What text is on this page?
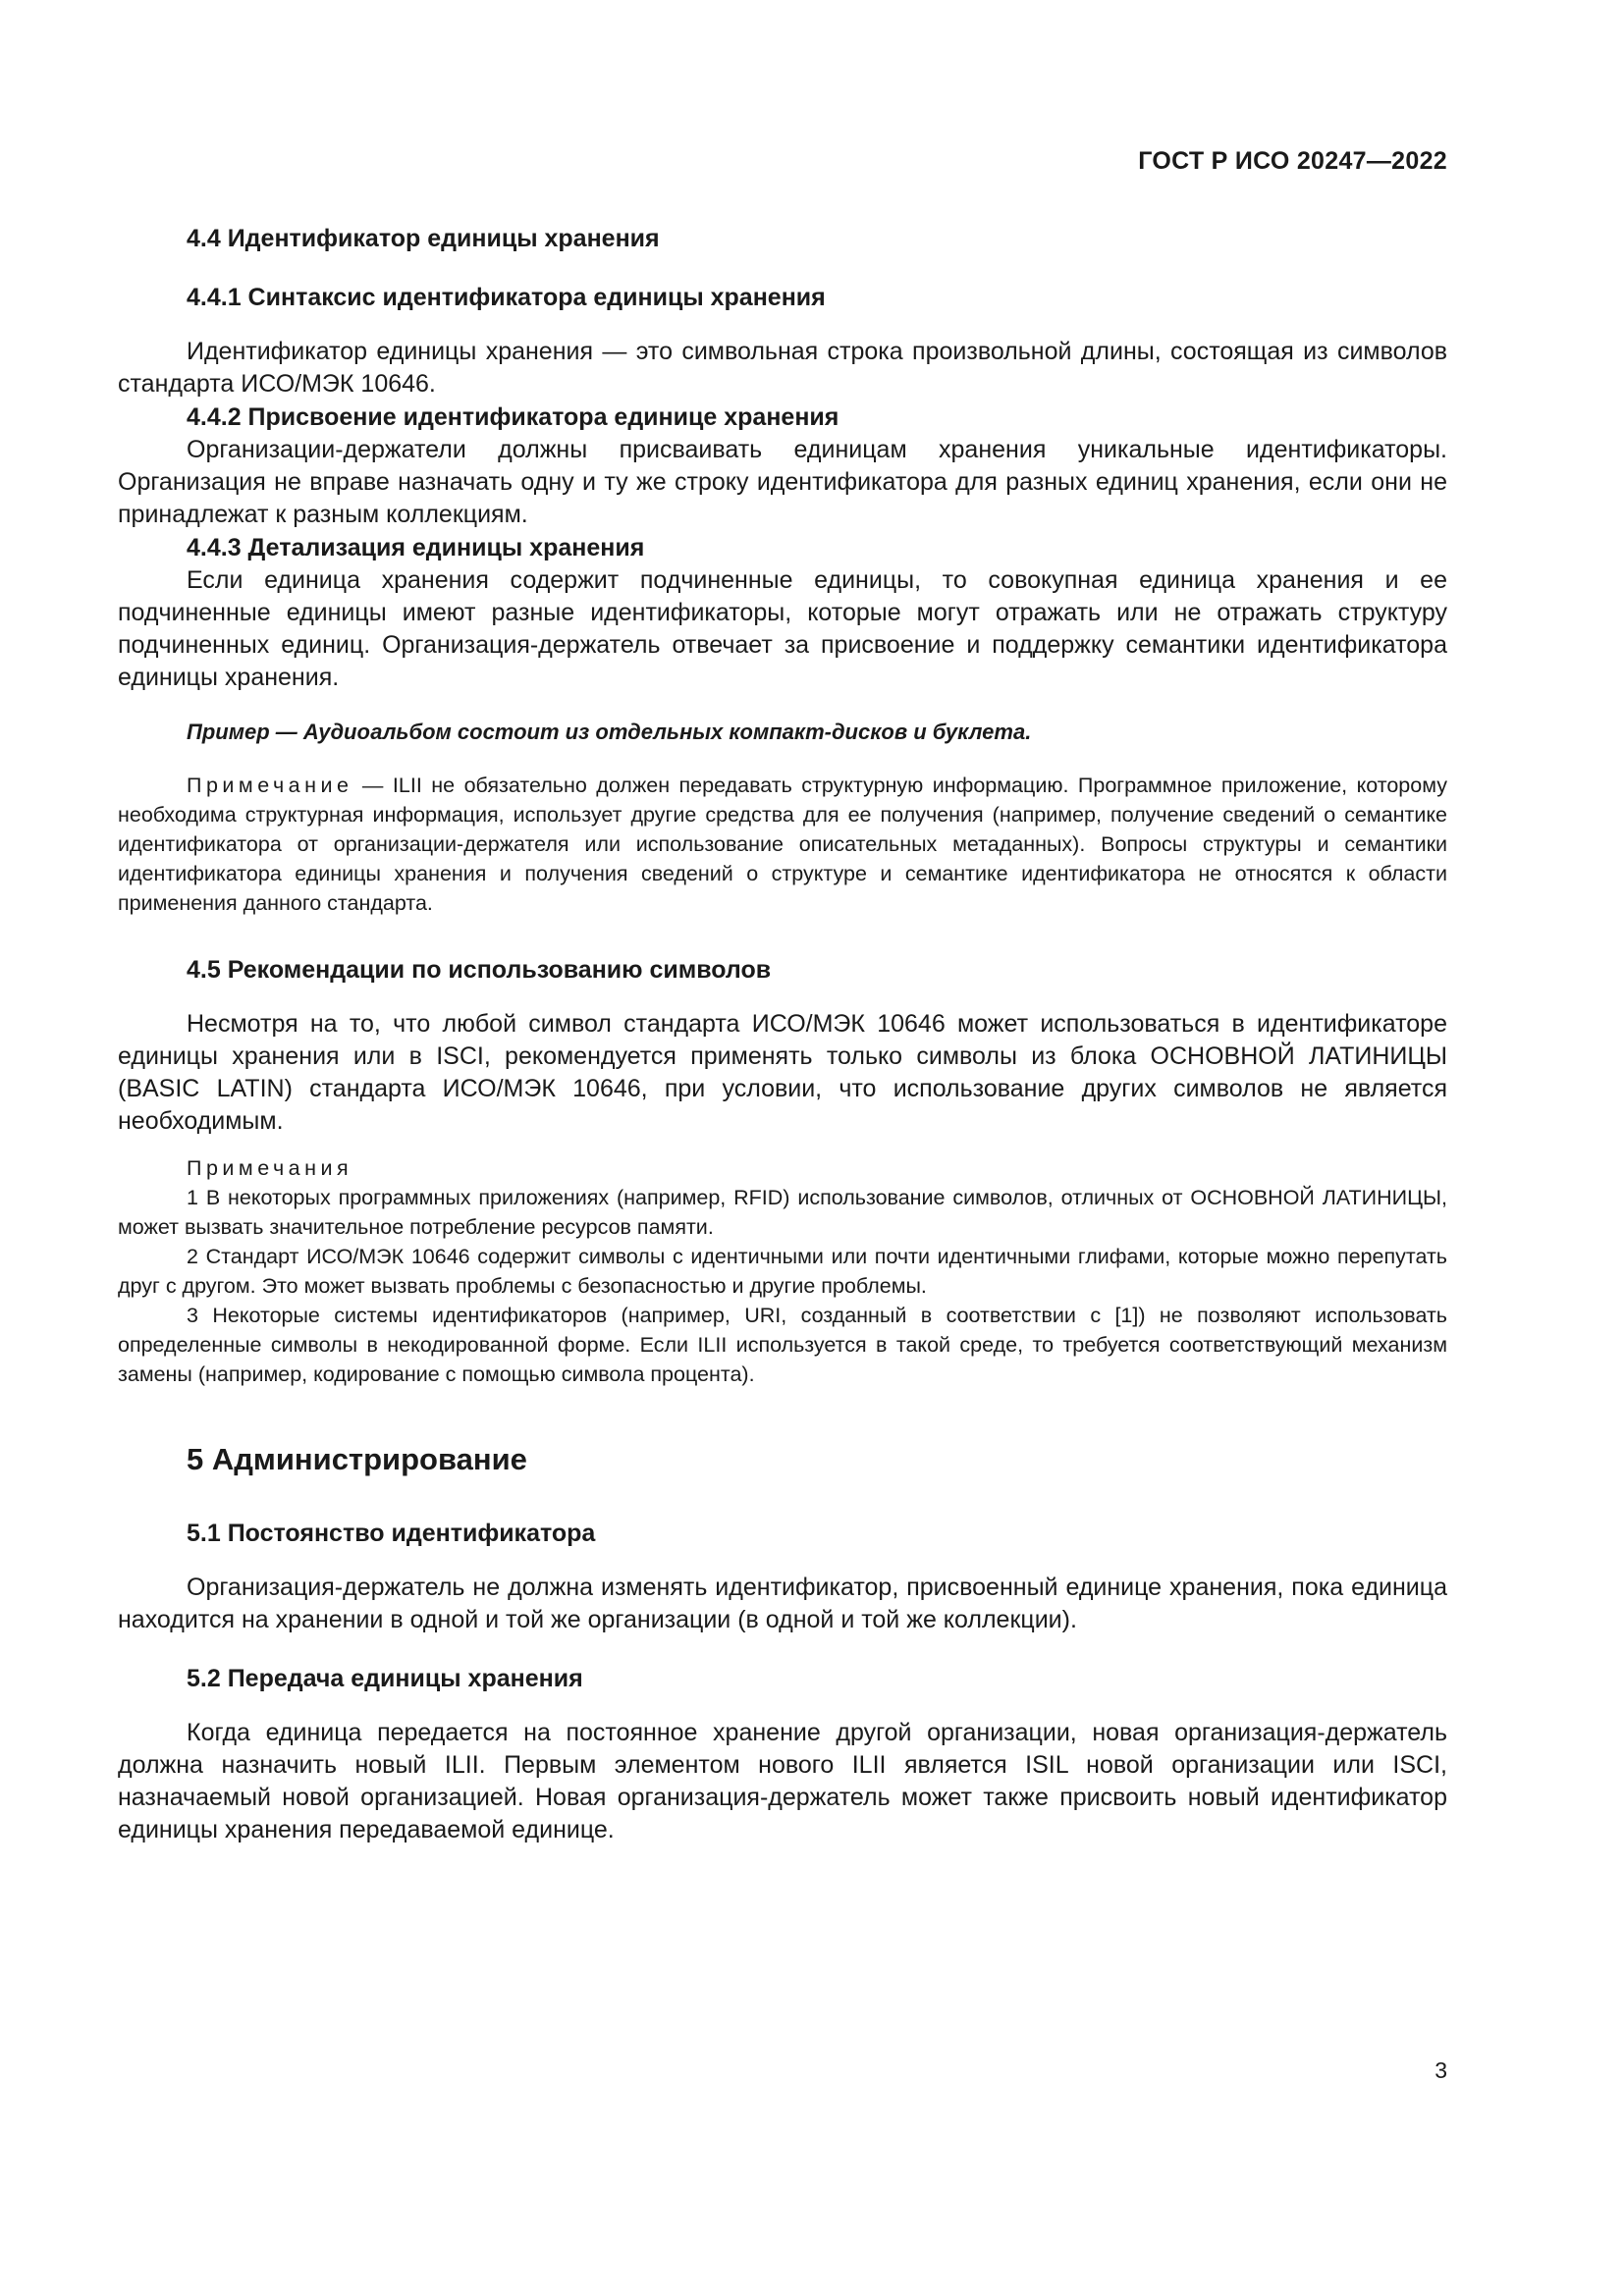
ГОСТ Р ИСО 20247—2022
4.4 Идентификатор единицы хранения
4.4.1 Синтаксис идентификатора единицы хранения

Идентификатор единицы хранения — это символьная строка произвольной длины, состоящая из символов стандарта ИСО/МЭК 10646.

4.4.2 Присвоение идентификатора единице хранения

Организации-держатели должны присваивать единицам хранения уникальные идентификаторы. Организация не вправе назначать одну и ту же строку идентификатора для разных единиц хранения, если они не принадлежат к разным коллекциям.

4.4.3 Детализация единицы хранения

Если единица хранения содержит подчиненные единицы, то совокупная единица хранения и ее подчиненные единицы имеют разные идентификаторы, которые могут отражать или не отражать структуру подчиненных единиц. Организация-держатель отвечает за присвоение и поддержку семантики идентификатора единицы хранения.

Пример — Аудиоальбом состоит из отдельных компакт-дисков и буклета.

Примечание — ILII не обязательно должен передавать структурную информацию. Программное приложение, которому необходима структурная информация, использует другие средства для ее получения (например, получение сведений о семантике идентификатора от организации-держателя или использование описательных метаданных). Вопросы структуры и семантики идентификатора единицы хранения и получения сведений о структуре и семантике идентификатора не относятся к области применения данного стандарта.

4.5 Рекомендации по использованию символов

Несмотря на то, что любой символ стандарта ИСО/МЭК 10646 может использоваться в идентификаторе единицы хранения или в ISCI, рекомендуется применять только символы из блока ОСНОВНОЙ ЛАТИНИЦЫ (BASIC LATIN) стандарта ИСО/МЭК 10646, при условии, что использование других символов не является необходимым.

Примечания

1 В некоторых программных приложениях (например, RFID) использование символов, отличных от ОСНОВНОЙ ЛАТИНИЦЫ, может вызвать значительное потребление ресурсов памяти.

2 Стандарт ИСО/МЭК 10646 содержит символы с идентичными или почти идентичными глифами, которые можно перепутать друг с другом. Это может вызвать проблемы с безопасностью и другие проблемы.

3 Некоторые системы идентификаторов (например, URI, созданный в соответствии с [1]) не позволяют использовать определенные символы в некодированной форме. Если ILII используется в такой среде, то требуется соответствующий механизм замены (например, кодирование с помощью символа процента).

5 Администрирование
5.1 Постоянство идентификатора

Организация-держатель не должна изменять идентификатор, присвоенный единице хранения, пока единица находится на хранении в одной и той же организации (в одной и той же коллекции).

5.2 Передача единицы хранения

Когда единица передается на постоянное хранение другой организации, новая организация-держатель должна назначить новый ILII. Первым элементом нового ILII является ISIL новой организации или ISCI, назначаемый новой организацией. Новая организация-держатель может также присвоить новый идентификатор единицы хранения передаваемой единице.

3
